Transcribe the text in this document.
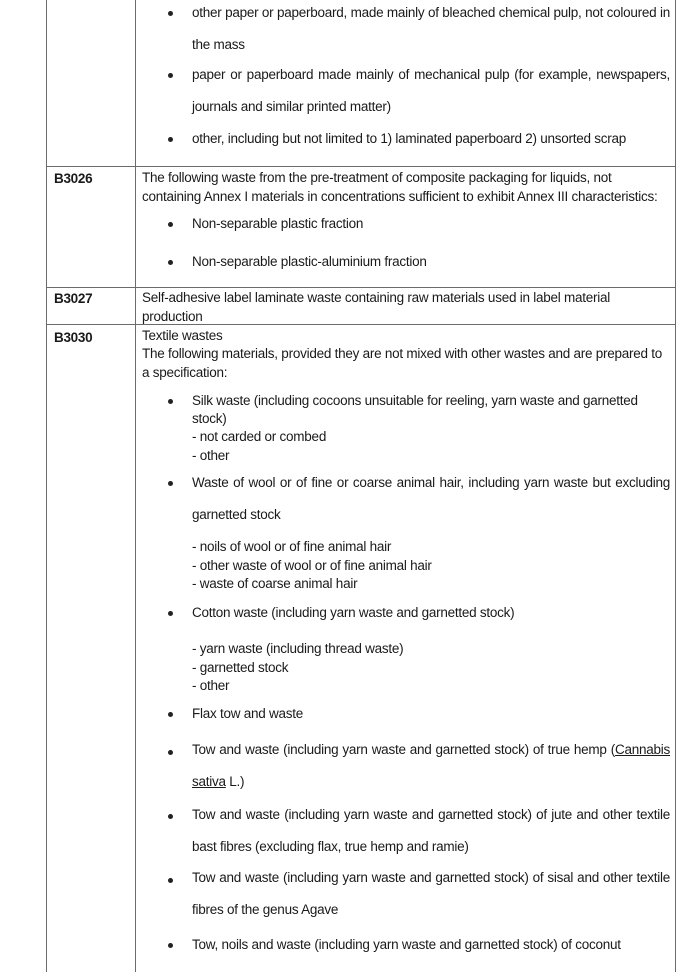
other paper or paperboard, made mainly of bleached chemical pulp, not coloured in the mass
paper or paperboard made mainly of mechanical pulp (for example, newspapers, journals and similar printed matter)
other, including but not limited to 1) laminated paperboard 2) unsorted scrap
B3026	The following waste from the pre-treatment of composite packaging for liquids, not containing Annex I materials in concentrations sufficient to exhibit Annex III characteristics:
Non-separable plastic fraction
Non-separable plastic-aluminium fraction
B3027	Self-adhesive label laminate waste containing raw materials used in label material production
B3030	Textile wastes
The following materials, provided they are not mixed with other wastes and are prepared to a specification:
Silk waste (including cocoons unsuitable for reeling, yarn waste and garnetted stock)
- not carded or combed
- other
Waste of wool or of fine or coarse animal hair, including yarn waste but excluding garnetted stock
- noils of wool or of fine animal hair
- other waste of wool or of fine animal hair
- waste of coarse animal hair
Cotton waste (including yarn waste and garnetted stock)
- yarn waste (including thread waste)
- garnetted stock
- other
Flax tow and waste
Tow and waste (including yarn waste and garnetted stock) of true hemp (Cannabis sativa L.)
Tow and waste (including yarn waste and garnetted stock) of jute and other textile bast fibres (excluding flax, true hemp and ramie)
Tow and waste (including yarn waste and garnetted stock) of sisal and other textile fibres of the genus Agave
Tow, noils and waste (including yarn waste and garnetted stock) of coconut
